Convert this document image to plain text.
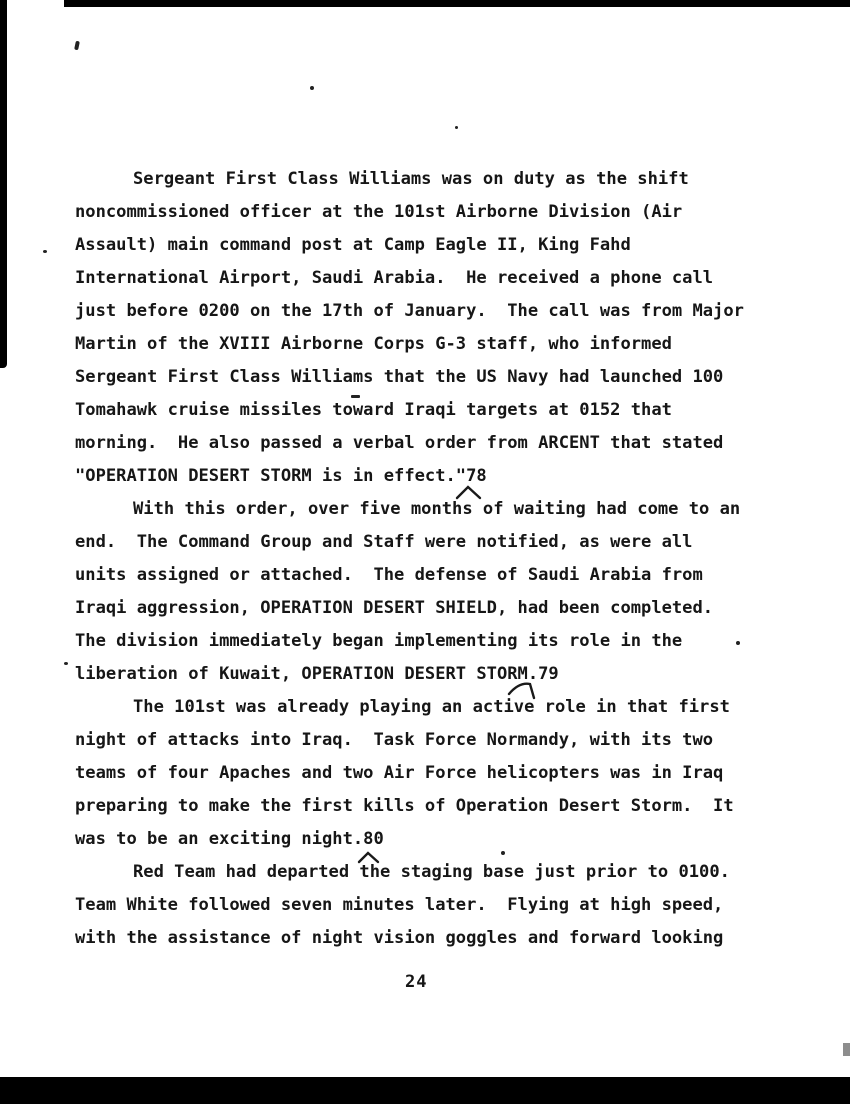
Sergeant First Class Williams was on duty as the shift
noncommissioned officer at the 101st Airborne Division (Air
Assault) main command post at Camp Eagle II, King Fahd
International Airport, Saudi Arabia.  He received a phone call
just before 0200 on the 17th of January.  The call was from Major
Martin of the XVIII Airborne Corps G-3 staff, who informed
Sergeant First Class Williams that the US Navy had launched 100
Tomahawk cruise missiles toward Iraqi targets at 0152 that
morning.  He also passed a verbal order from ARCENT that stated
"OPERATION DESERT STORM is in effect."78
With this order, over five months of waiting had come to an
end.  The Command Group and Staff were notified, as were all
units assigned or attached.  The defense of Saudi Arabia from
Iraqi aggression, OPERATION DESERT SHIELD, had been completed.
The division immediately began implementing its role in the
liberation of Kuwait, OPERATION DESERT STORM.79
The 101st was already playing an active role in that first
night of attacks into Iraq.  Task Force Normandy, with its two
teams of four Apaches and two Air Force helicopters was in Iraq
preparing to make the first kills of Operation Desert Storm.  It
was to be an exciting night.80
Red Team had departed the staging base just prior to 0100.
Team White followed seven minutes later.  Flying at high speed,
with the assistance of night vision goggles and forward looking
24
